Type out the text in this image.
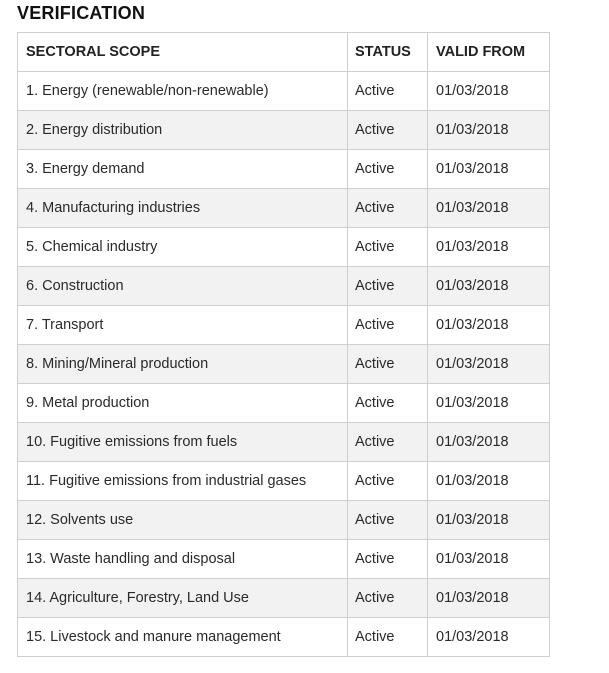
VERIFICATION
SECTORAL SCOPE	STATUS	VALID FROM
1. Energy (renewable/non-renewable)	Active	01/03/2018
2. Energy distribution	Active	01/03/2018
3. Energy demand	Active	01/03/2018
4. Manufacturing industries	Active	01/03/2018
5. Chemical industry	Active	01/03/2018
6. Construction	Active	01/03/2018
7. Transport	Active	01/03/2018
8. Mining/Mineral production	Active	01/03/2018
9. Metal production	Active	01/03/2018
10. Fugitive emissions from fuels	Active	01/03/2018
11. Fugitive emissions from industrial gases	Active	01/03/2018
12. Solvents use	Active	01/03/2018
13. Waste handling and disposal	Active	01/03/2018
14. Agriculture, Forestry, Land Use	Active	01/03/2018
15. Livestock and manure management	Active	01/03/2018
